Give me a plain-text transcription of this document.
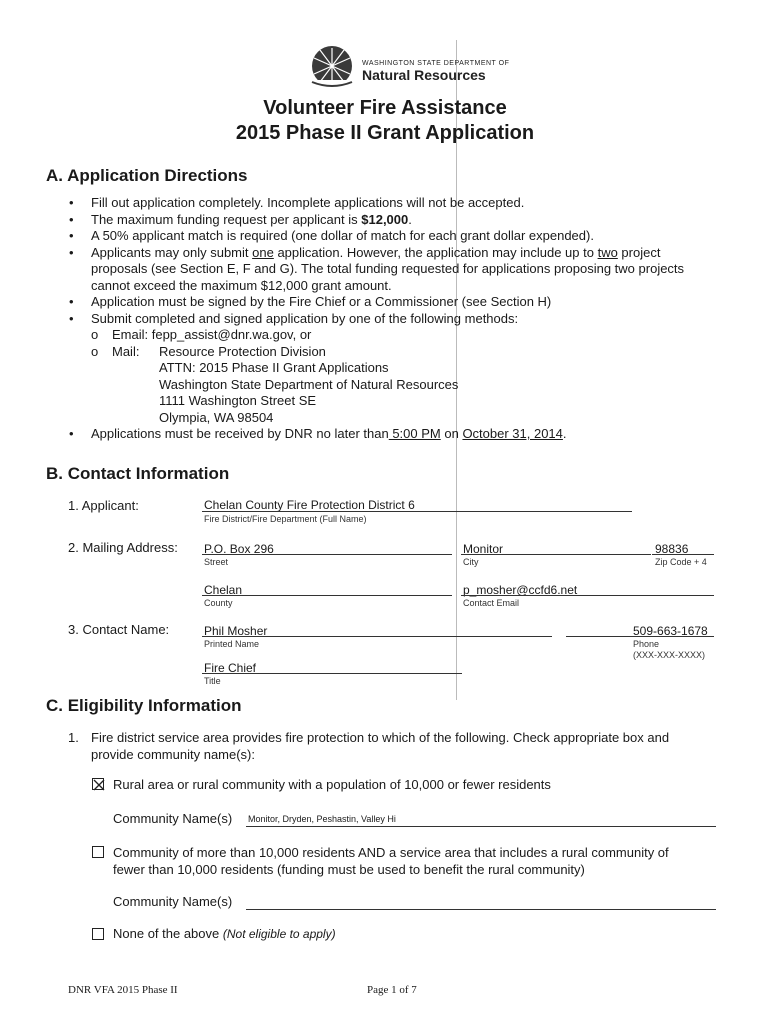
WASHINGTON STATE DEPARTMENT OF
Natural Resources
Volunteer Fire Assistance
2015 Phase II Grant Application
A. Application Directions
• Fill out application completely. Incomplete applications will not be accepted.
• The maximum funding request per applicant is $12,000.
• A 50% applicant match is required (one dollar of match for each grant dollar expended).
• Applicants may only submit one application. However, the application may include up to two project
proposals (see Section E, F and G). The total funding requested for applications proposing two projects
cannot exceed the maximum $12,000 grant amount.
• Application must be signed by the Fire Chief or a Commissioner (see Section H)
• Submit completed and signed application by one of the following methods:
o Email: fepp_assist@dnr.wa.gov, or
o Mail: Resource Protection Division
ATTN: 2015 Phase II Grant Applications
Washington State Department of Natural Resources
1111 Washington Street SE
Olympia, WA 98504
• Applications must be received by DNR no later than 5:00 PM on October 31, 2014.
B. Contact Information
1. Applicant:	Chelan County Fire Protection District 6
Fire District/Fire Department (Full Name)
2. Mailing Address: P.O. Box 296
Street
Monitor
City
98836
Zip Code + 4
Chelan
County
p_mosher@ccfd6.net
Contact Email
3. Contact Name:	Phil Mosher
Printed Name
509-663-1678
Phone
(XXX-XXX-XXXX)
Fire Chief
Title
C. Eligibility Information
1. Fire district service area provides fire protection to which of the following. Check appropriate box and
provide community name(s):
Rural area or rural community with a population of 10,000 or fewer residents
Community Name(s) Monitor, Dryden, Peshastin, Valley Hi
Community of more than 10,000 residents AND a service area that includes a rural community of
fewer than 10,000 residents (funding must be used to benefit the rural community)
Community Name(s)
None of the above (Not eligible to apply)
DNR VFA 2015 Phase II	Page 1 of 7
